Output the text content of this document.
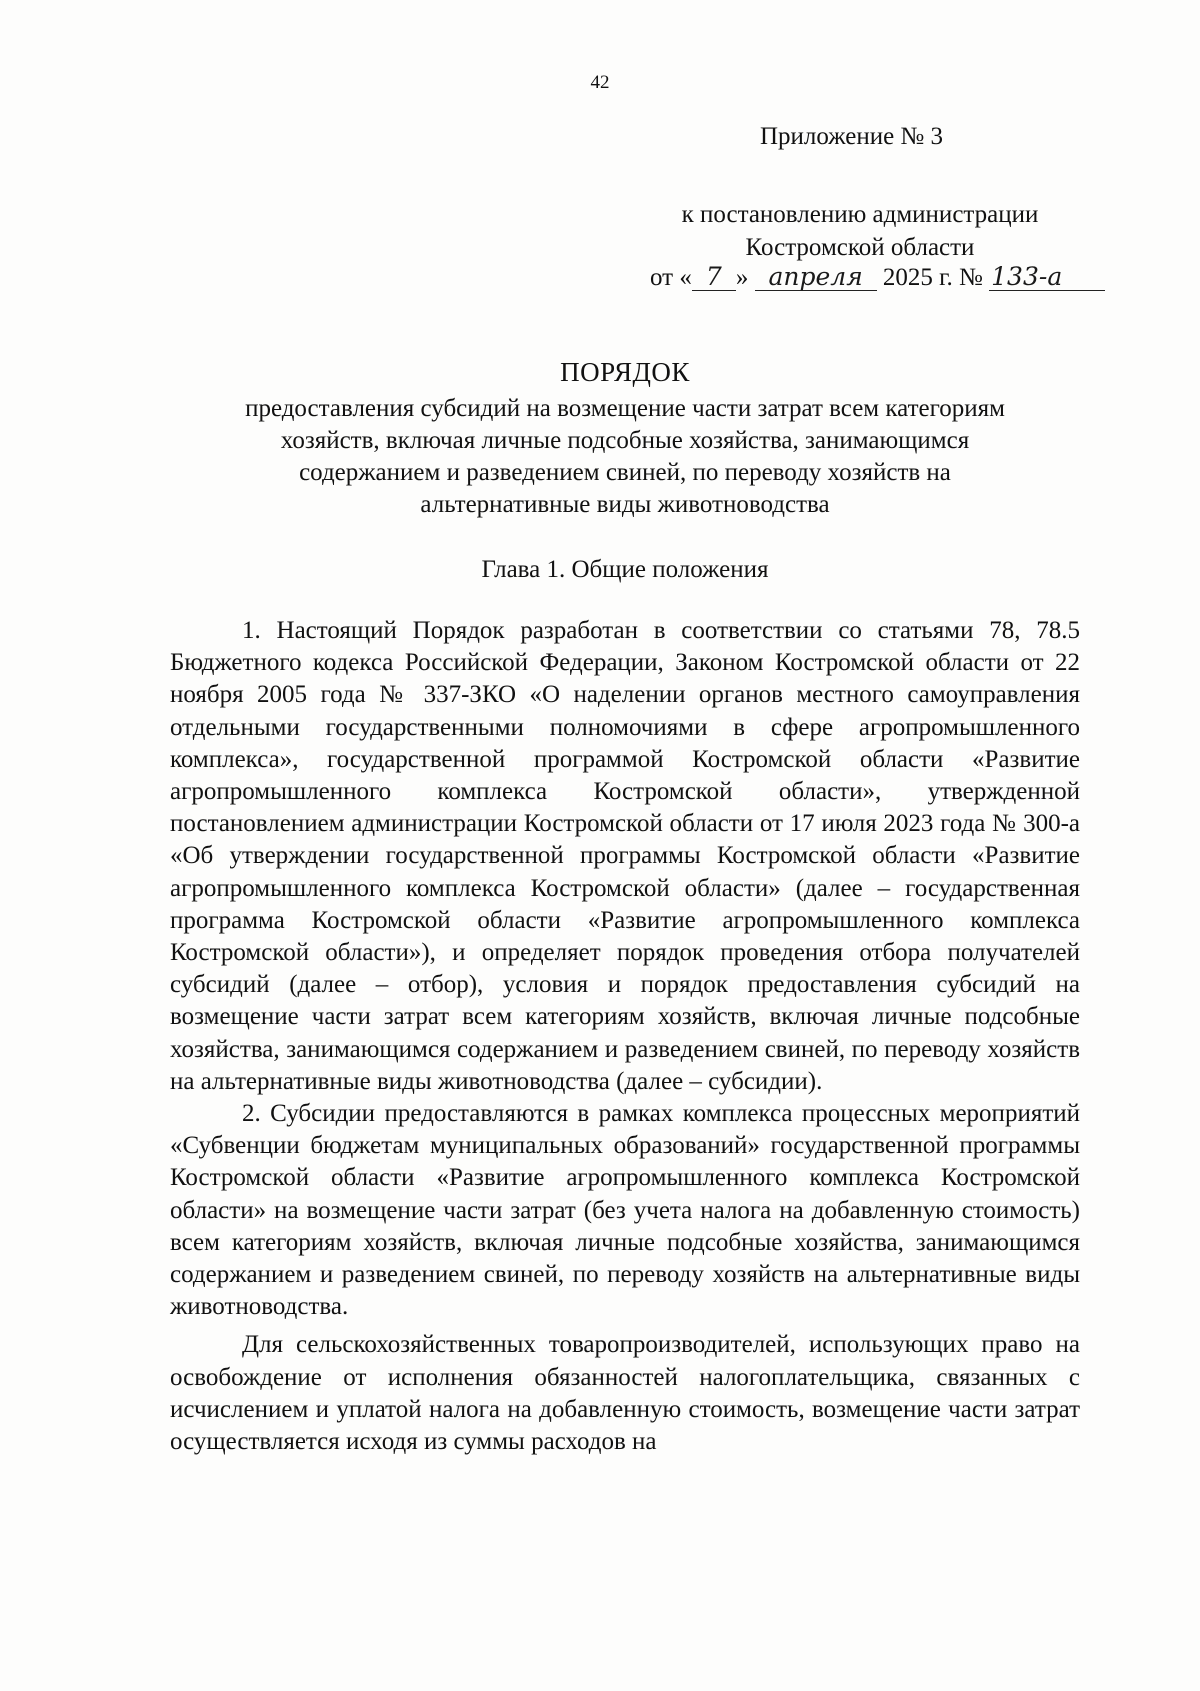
42
Приложение № 3
к постановлению администрации
Костромской области
от « 7 » апреля 2025 г. № 133-а
ПОРЯДОК
предоставления субсидий на возмещение части затрат всем категориям хозяйств, включая личные подсобные хозяйства, занимающимся содержанием и разведением свиней, по переводу хозяйств на альтернативные виды животноводства
Глава 1. Общие положения

1. Настоящий Порядок разработан в соответствии со статьями 78, 78.5 Бюджетного кодекса Российской Федерации, Законом Костромской области от 22 ноября 2005 года № 337-ЗКО «О наделении органов местного самоуправления отдельными государственными полномочиями в сфере агропромышленного комплекса», государственной программой Костромской области «Развитие агропромышленного комплекса Костромской области», утвержденной постановлением администрации Костромской области от 17 июля 2023 года № 300-а «Об утверждении государственной программы Костромской области «Развитие агропромышленного комплекса Костромской области» (далее – государственная программа Костромской области «Развитие агропромышленного комплекса Костромской области»), и определяет порядок проведения отбора получателей субсидий (далее – отбор), условия и порядок предоставления субсидий на возмещение части затрат всем категориям хозяйств, включая личные подсобные хозяйства, занимающимся содержанием и разведением свиней, по переводу хозяйств на альтернативные виды животноводства (далее – субсидии).

2. Субсидии предоставляются в рамках комплекса процессных мероприятий «Субвенции бюджетам муниципальных образований» государственной программы Костромской области «Развитие агропромышленного комплекса Костромской области» на возмещение части затрат (без учета налога на добавленную стоимость) всем категориям хозяйств, включая личные подсобные хозяйства, занимающимся содержанием и разведением свиней, по переводу хозяйств на альтернативные виды животноводства.

Для сельскохозяйственных товаропроизводителей, использующих право на освобождение от исполнения обязанностей налогоплательщика, связанных с исчислением и уплатой налога на добавленную стоимость, возмещение части затрат осуществляется исходя из суммы расходов на
